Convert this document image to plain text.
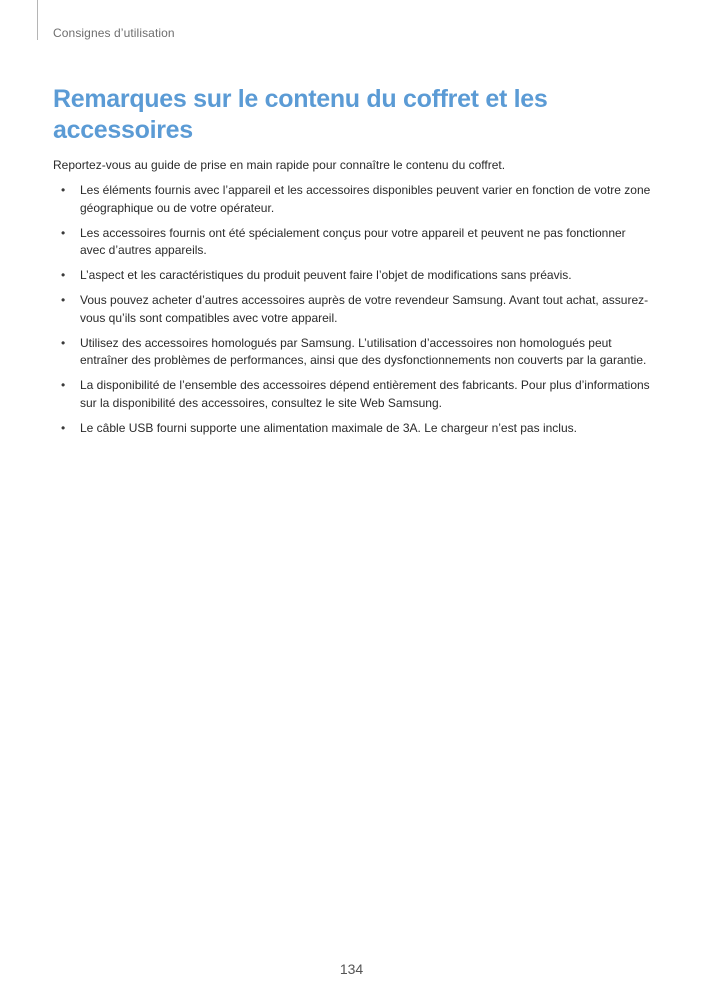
Consignes d’utilisation
Remarques sur le contenu du coffret et les accessoires

Reportez-vous au guide de prise en main rapide pour connaître le contenu du coffret.

• Les éléments fournis avec l’appareil et les accessoires disponibles peuvent varier en fonction de votre zone géographique ou de votre opérateur.
• Les accessoires fournis ont été spécialement conçus pour votre appareil et peuvent ne pas fonctionner avec d’autres appareils.
• L’aspect et les caractéristiques du produit peuvent faire l’objet de modifications sans préavis.
• Vous pouvez acheter d’autres accessoires auprès de votre revendeur Samsung. Avant tout achat, assurez-vous qu’ils sont compatibles avec votre appareil.
• Utilisez des accessoires homologués par Samsung. L’utilisation d’accessoires non homologués peut entraîner des problèmes de performances, ainsi que des dysfonctionnements non couverts par la garantie.
• La disponibilité de l’ensemble des accessoires dépend entièrement des fabricants. Pour plus d’informations sur la disponibilité des accessoires, consultez le site Web Samsung.
• Le câble USB fourni supporte une alimentation maximale de 3A. Le chargeur n’est pas inclus.
134
